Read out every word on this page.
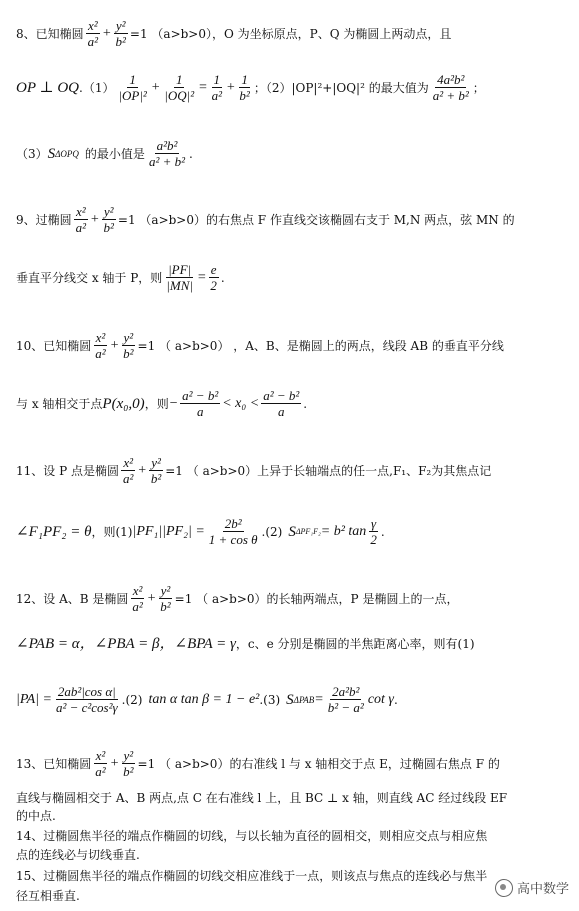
8、已知椭圆 $\frac{\text{x²}}{\text{a²}} + \frac{\text{y²}}{\text{b²}} =1$ （a>b>0），O 为坐标原点，P、Q 为椭圆上两动点，且
OP ⊥ OQ $.(1) \frac{1}{\text{|OP|²}} + \frac{1}{\text{|OQ|²}} = \frac{1}{\text{a²}} + \frac{1}{\text{b²}}$ ；（2）|OP|²+|OQ|² 的最大值为 $\frac{\text{4a²b²}}{\text{a² + b²}}$ ；
（3） S ΔOPQ 的最小值是 $\frac{\text{a²b²}}{\text{a² + b²}}$ .
9、过椭圆 $\frac{\text{x²}}{\text{a²}} + \frac{\text{y²}}{\text{b²}} =1$ （a>b>0）的右焦点 F 作直线交该椭圆右支于 M,N 两点，弦 MN 的
垂直平分线交 x 轴于 P，则 $\frac{|PF|}{|MN|} = \frac{e}{2}$ .
10、已知椭圆 $\frac{\text{x²}}{\text{a²}} + \frac{\text{y²}}{\text{b²}} =1$ （ a>b>0） ，A、B、是椭圆上的两点，线段 AB 的垂直平分线
与 x 轴相交于点 P(x₀,0) ，则 − $\frac{\text{a² − b²}}{a} < x_0 < \frac{\text{a² − b²}}{a}$ .
11、设 P 点是椭圆 $\frac{\text{x²}}{\text{a²}} + \frac{\text{y²}}{\text{b²}} =1$ （ a>b>0）上异于长轴端点的任一点,F₁、F₂为其焦点记
∠F₁PF₂ = θ ，则(1) $|PF_1||PF_2| = \frac{\text{2b²}}{\text{1 + cos θ}} .(2)$ S ΔPF₁F₂ = b² $\tan \frac{\gamma}{2}$ .
12、设 A、B 是椭圆 $\frac{\text{x²}}{\text{a²}} + \frac{\text{y²}}{\text{b²}} =1$ （ a>b>0）的长轴两端点，P 是椭圆上的一点，
∠PAB = α ，∠PBA = β ，∠BPA = γ ，c、e 分别是椭圆的半焦距离心率，则有(1)
$|PA| = \frac{\text{2ab²|cos α|}}{\text{a² − c²cos²γ}} .(2)$ tan α tan β = 1 − e² .(3) S $\Delta PAB = \frac{\text{2a²b²}}{\text{b² − a²}}$ cot γ .
13、已知椭圆 $\frac{\text{x²}}{\text{a²}} + \frac{\text{y²}}{\text{b²}} =1$ （ a>b>0）的右准线 l 与 x 轴相交于点 E，过椭圆右焦点 F 的
直线与椭圆相交于 A、B 两点,点 C 在右准线 l 上，且 BC ⊥ x 轴，则直线 AC 经过线段 EF
的中点.
14、过椭圆焦半径的端点作椭圆的切线，与以长轴为直径的圆相交，则相应交点与相应焦
点的连线必与切线垂直.
15、过椭圆焦半径的端点作椭圆的切线交相应准线于一点，则该点与焦点的连线必与焦半
径互相垂直.	高中数学
